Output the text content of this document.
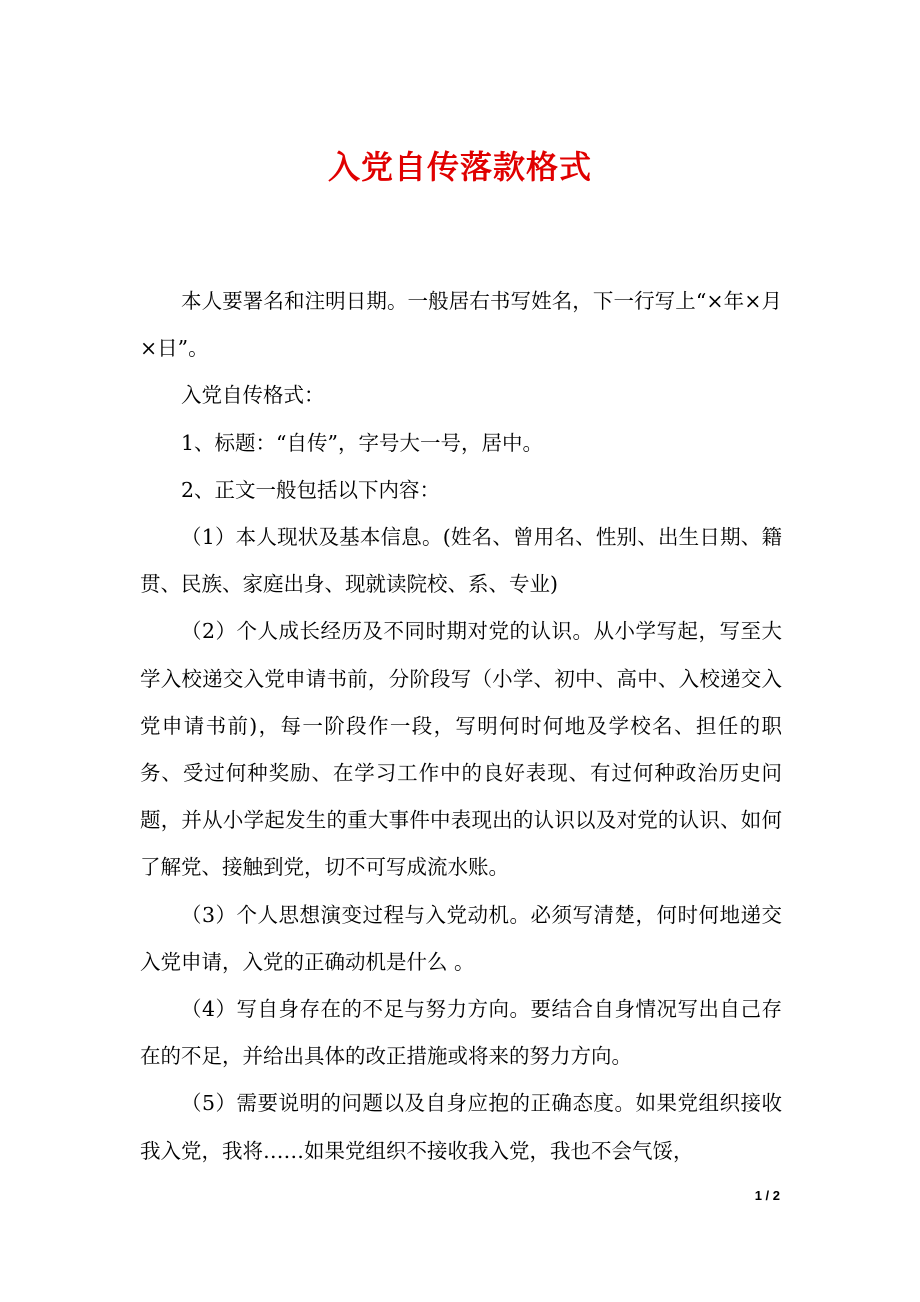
入党自传落款格式

本人要署名和注明日期。一般居右书写姓名，下一行写上“×年×月×日”。

入党自传格式：

1、标题：“自传”，字号大一号，居中。

2、正文一般包括以下内容：

（1）本人现状及基本信息。(姓名、曾用名、性别、出生日期、籍贯、民族、家庭出身、现就读院校、系、专业)

（2）个人成长经历及不同时期对党的认识。从小学写起，写至大学入校递交入党申请书前，分阶段写（小学、初中、高中、入校递交入党申请书前)，每一阶段作一段，写明何时何地及学校名、担任的职务、受过何种奖励、在学习工作中的良好表现、有过何种政治历史问题，并从小学起发生的重大事件中表现出的认识以及对党的认识、如何了解党、接触到党，切不可写成流水账。

（3）个人思想演变过程与入党动机。必须写清楚，何时何地递交入党申请，入党的正确动机是什么 。

（4）写自身存在的不足与努力方向。要结合自身情况写出自己存在的不足，并给出具体的改正措施或将来的努力方向。

（5）需要说明的问题以及自身应抱的正确态度。如果党组织接收我入党，我将……如果党组织不接收我入党，我也不会气馁，

1 / 2
